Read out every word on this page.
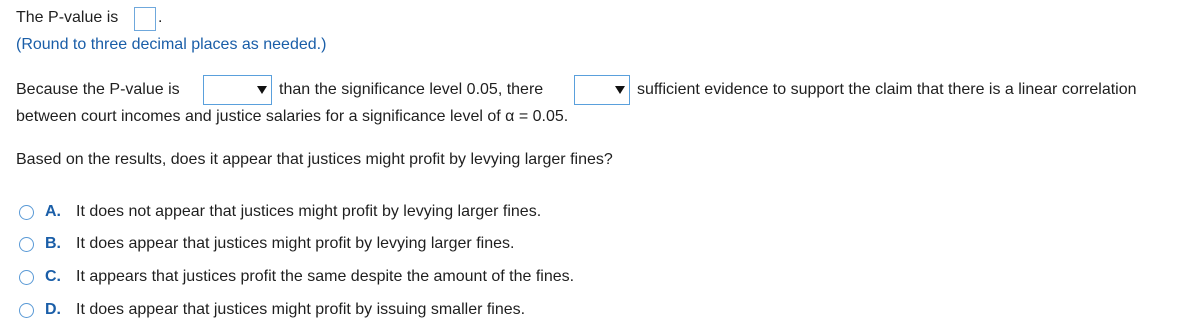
The P-value is .
(Round to three decimal places as needed.)
Because the P-value is	than the significance level 0.05, there	sufficient evidence to support the claim that there is a linear correlation
between court incomes and justice salaries for a significance level of α = 0.05.
Based on the results, does it appear that justices might profit by levying larger fines?
A. It does not appear that justices might profit by levying larger fines.
B. It does appear that justices might profit by levying larger fines.
C. It appears that justices profit the same despite the amount of the fines.
D. It does appear that justices might profit by issuing smaller fines.
